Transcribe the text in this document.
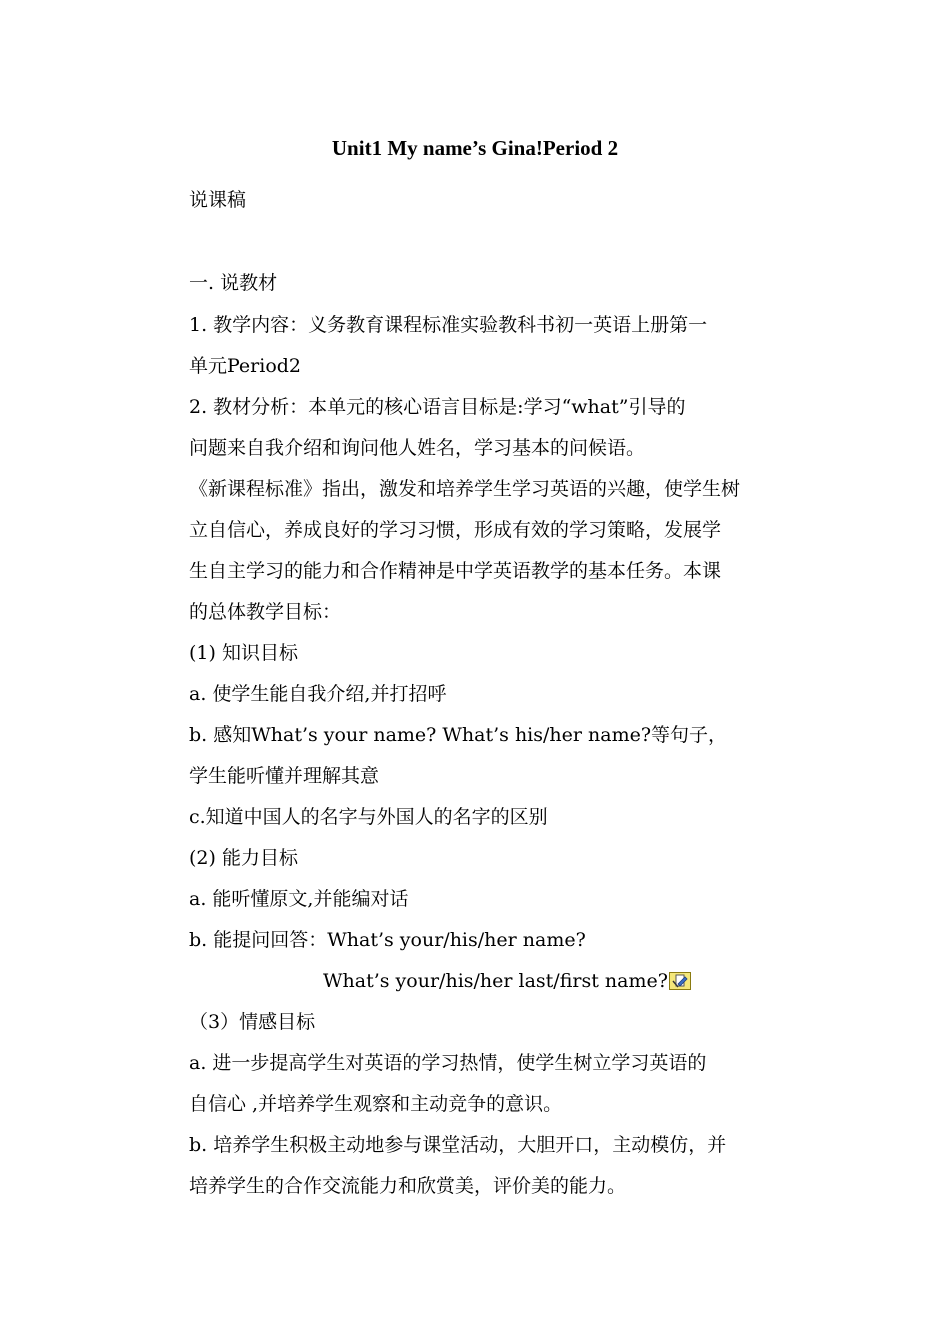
Unit1 My name’s Gina!Period 2
说课稿
一. 说教材
1. 教学内容：义务教育课程标准实验教科书初一英语上册第一
单元Period2
2. 教材分析：本单元的核心语言目标是:学习“what”引导的
问题来自我介绍和询问他人姓名，学习基本的问候语。
《新课程标准》指出，激发和培养学生学习英语的兴趣，使学生树
立自信心，养成良好的学习习惯，形成有效的学习策略，发展学
生自主学习的能力和合作精神是中学英语教学的基本任务。本课
的总体教学目标：
(1) 知识目标
a. 使学生能自我介绍,并打招呼
b. 感知What’s your name? What’s his/her name?等句子，
学生能听懂并理解其意
c.知道中国人的名字与外国人的名字的区别
(2) 能力目标
a. 能听懂原文,并能编对话
b. 能提问回答：What’s your/his/her name?
What’s your/his/her last/first name?
（3）情感目标
a. 进一步提高学生对英语的学习热情，使学生树立学习英语的
自信心 ,并培养学生观察和主动竞争的意识。
b. 培养学生积极主动地参与课堂活动，大胆开口，主动模仿，并
培养学生的合作交流能力和欣赏美，评价美的能力。
